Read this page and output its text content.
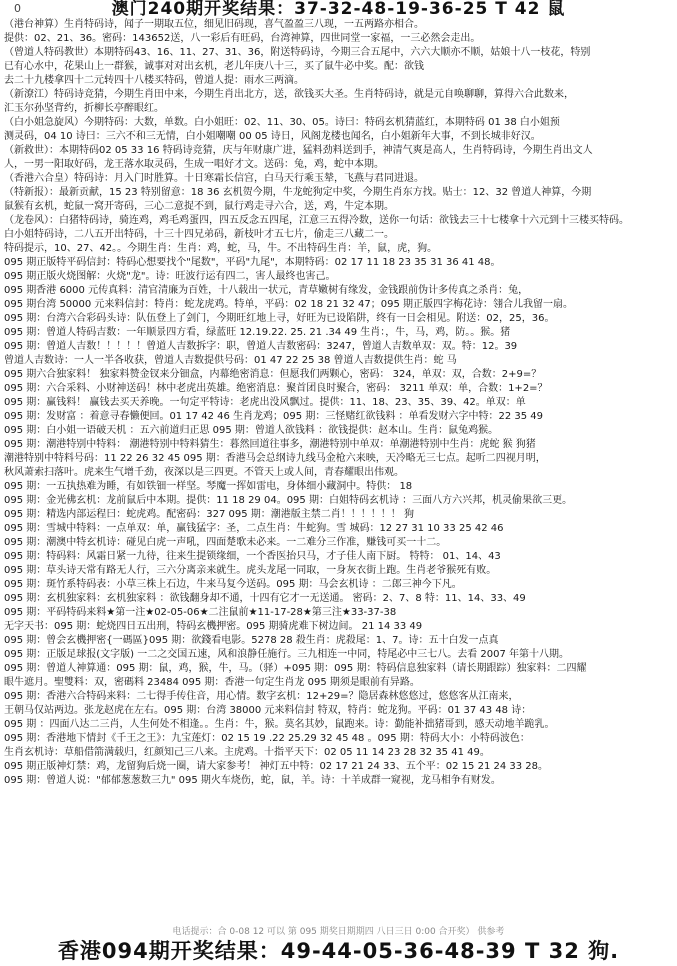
0	澳门240期开奖结果：37-32-48-19-36-25 T 42 鼠
（港台神算）生肖特码诗，闻子一期取五位，细见旧码现，喜气盈盈三八现，一五两路亦相合。
提供：02、21、36。密码：143652送，八一彩后有旺码，台湾神算，四世同堂一家福，一三必然会走出。
（曾道人特码教世）本期特码43、16、11、27、31、36，附送特码诗，今期三合五尾中，六六大顺亦不顺，姑娘十八一枝花，特别
已有心水中，花果山上一群猴，诚事对对出玄机，老儿年庚八十三，买了鼠牛必中奖。配：欲钱
去二十九楼拿四十二元转四十八楼买特码，曾道人提：雨水三两滴。
（新潦江）特码诗竞猜，今期生肖田中来，今期生肖出北方，送，欲钱买大圣。生肖特码诗，就是元自唤聊聊，算得六合此数来，
汇玉尔孙坚背约，折柳长亭醉眼红。
（白小姐急旋风）今期特码：大数，单数。白小姐旺：02、11、30、05。诗曰：特码玄机猜蓝红，本期特码 01 38 白小姐预
测灵码，04 10 诗曰：三六不和三无情，白小姐嘲嘲 00 05 诗日，风阁龙楼也闻名，白小姐新年大事，不到长城非好汉。
（新救世）：本期特码02 05 33 16 特码诗竞猜，庆与年财康广进，猛料劲料送到手，神清气爽是高人，生肖特码诗，今期生肖出文人
人，一男一阳取好码，龙王落水取灵码，生成一唱好才文。送码：兔，鸡，蛇中本期。
（香港六合皇）特码诗：月入门时胜算。十日寒霜长信宫，白马天行乘玉辇，飞燕与君同进退。
（特新报）：最新贡献，15 23 特别留意：18 36 玄机贺今期，牛龙蛇狗定中奖，今期生肖东方找。贴士：12、32 曾道人神算，今期
鼠猴有玄机，蛇鼠一窝开寄码，三心二意捉不到，鼠行鸡走寻六合，送，鸡，牛定本期。
（龙卷风）：白猪特码诗，骑连鸡，鸡毛鸡蛋四，四五反念五四尾，江意三五得冷数，送你一句话：欲钱去三十七楼拿十六元到十三楼买特码。
白小姐特码诗，二八五开出特码，十三十四兄弟码，新枝叶才五七片，偷走三八藏二一。
特码提示，10、27、42。。今期生肖：生肖：鸡，蛇，马，牛。不出特码生肖：羊，鼠，虎，狗。
095 期正版特平码信封：特码心想要找个"尾数"，平码"九尾"，本期特码：02 17 11 18 23 35 31 36 41 48。
095 期正版火烧图解：火烧"龙"。诗：旺波行运有四二，害人最终也害己。
095 期香港 6000 元传真料：清官清廉为百姓，十八载出一状元，青草嫩树有缘发，金钱跟前伪计多传真之杀肖：兔，
095 期台湾 50000 元来料信封：特肖：蛇龙虎鸡。特单，平码：02 18 21 32 47；095 期正版四字梅花诗：翎合儿我留一扇。
095 期：台湾六合彩码头诗：队伍登上了剑门，今期旺红地上寻，好旺为已设陷阱，终有一日会相见。附送：02，25，36。
095 期：曾道人特码吉数：一年顺景四方看，绿蓝旺 12.19.22. 25. 21 .34 49 生肖：，牛，马，鸡，防。。猴。猪
095 期：曾道人吉数！！！！！曾道人吉数拆字：职，曾道人吉数密码：3247，曾道人吉数单双：双。特：12。39
曾道人吉数诗：一人一半各收获，曾道人吉数提供号码：01 47 22 25 38 曾道人吉数提供生肖：蛇 马
095 期六合独家料！ 独家料赞金钗来分钿盒，内幕绝密消息：但愿我们两颗心，密码： 324，单双：双，合数：2+9=？
095 期：六合采料、小财神送码！林中老虎出英雄。绝密消息：聚首团良时聚合，密码： 3211 单双：单，合数：1+2=？
095 期：赢钱料！ 赢钱去买天养晚。一句定平特诗：老虎出没风飘过。提供：11、18、23、35、39、42。单双：单
095 期：发财富 ：着意寻春懒便回。01 17 42 46 生肖龙鸡；095 期：三怪赌红欲钱料 ：单看发财六字中特：22 35 49
095 期：白小姐一语破天机 ：五六前道归正思 095 期：曾道人欲钱料 ：欲钱提供：赵本山。生肖：鼠兔鸡猴。
095 期：潮港特别中特料： 潮港特别中特料猜生：暮然回道往事多，潮港特别中单双：单潮港特别中生肖：虎蛇 猴 狗猪
潮港特别中特料号码：11 22 26 32 45 095 期：香港马会总纲诗九线马金枪六来映，天冷略无三七点。起听二四视月明，
秋风萧索扫落叶。虎来生气增千劲，夜深以是三四更。不管天上或人间，青春耀眼出伟观。
095 期：一五执热难为睡，有如铁钿一样坚。琴魔一挥如雷电，身体细小藏洞中。特供： 18
095 期：金光佛玄机：龙前鼠后中本期。提供：11 18 29 04。095 期：白姐特码玄机诗 ：三面八方六兴邦，机灵偷果欲三更。
095 期：精选内部运程曰：蛇虎鸡。配密码：327 095 期：潮港版主禁二肖！！！！！！ 狗
095 期：雪城中特料：一点单双：单，赢钱猛字：圣，二点生肖：牛蛇狗。雪 城码：12 27 31 10 33 25 42 46
095 期：潮澳中特玄机诗：碰见白虎一声吼，四面楚歌未必来。一二难分三作准，赚钱可买一十二。
095 期：特码料：风霜日紧一九待，往来生提锁缘细，一个香医抬只马，才子佳人南下厨。 特特： 01、14、43
095 期：草头诗天常有路无人行，三六分离亲来就生。虎头龙尾一同取，一身灰衣街上跑。生肖老爷猴死有败。
095 期：斑竹系特码表：小草三株上石边，牛来马复今送码。095 期：马会玄机诗 ：二郎三神今下凡。
095 期：玄机独家料：玄机独家料 ：欲钱翻身却不通，十四有它才一无送通。 密码：2、7、8 特：11、14、33、49
095 期：平码特码来料★第一注★02-05-06★二注鼠前★11-17-28★第三注★33-37-38
无字天书：095 期：蛇烧四日五出刑，特码玄機押密。095 期骑虎难下树边间。 21 14 33 49
095 期：曾会玄機押密{一碼區}095 期：欲錢看电影。5278 28 殺生肖：虎殺尾：1、7。诗：五十白发一点真
095 期：正版足球报(文字版) 一二之交国五速，风和浪静任施行。三九相连一中同，特尾必中三七八。去看 2007 年第十八期。
095 期：曾道人神算通：095 期：鼠，鸡，猴，牛，马。（驿）+095 期：095 期：特码信息独家料（请长期跟踪）独家料：二四耀
眼牛遮月。聖雙料：双，密碼料 23484 095 期：香港一句定生肖龙 095 期须是眼前有异路。
095 期：香港六合特码来料：二七得手传住音，用心情。数字玄机：12+29=？隐居森林悠悠过，悠悠客从江南来，
王朝马仅站两边。张龙赵虎在左右。095 期：台湾 38000 元来料信封 特双，特肖：蛇龙狗。平码：01 37 43 48 诗：
095 期 ：四面八达二三肖，人生何处不相逢。。生肖：牛，猴。莫名其妙，鼠跑来。诗：勤能补拙猪哥到，感天动地羊跪乳。
095 期：香港地下情封《千王之王》：九宝莲灯：02 15 19 .22 25.29 32 45 48 。095 期：特码大小：小特码波色：
生肖玄机诗：草船借箭满载归，红颜知己三八来。主虎鸡。十指平天下：02 05 11 14 23 28 32 35 41 49。
095 期正版神灯禁：鸡，龙留狗后烧一圈，请大家参考！ 神灯五中特：02 17 21 24 33、五个平：02 15 21 24 33 28。
095 期：曾道人说："郁郁葱葱数三九" 095 期火车烧伤，蛇，鼠，羊。诗：十羊成群一窥视，龙马相争有财发。
电话提示：合 0-08 12 可以 第 095 期奖日期期四 八日三日 0:00 合开奖） 供参考
香港094期开奖结果：49-44-05-36-48-39 T 32 狗.
